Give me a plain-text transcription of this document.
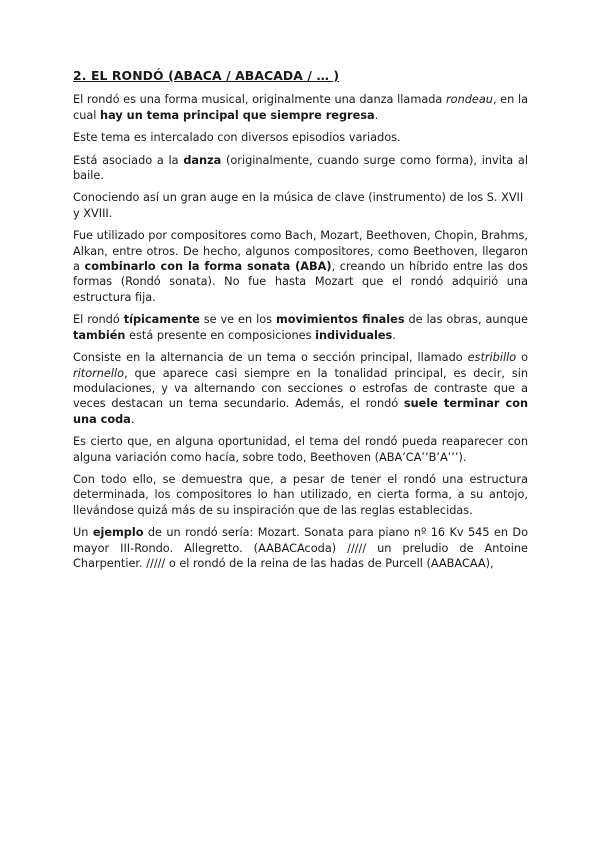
2. EL RONDÓ (ABACA / ABACADA / … )

El rondó es una forma musical, originalmente una danza llamada rondeau, en la cual hay un tema principal que siempre regresa.

Este tema es intercalado con diversos episodios variados.

Está asociado a la danza (originalmente, cuando surge como forma), invita al baile.

Conociendo así un gran auge en la música de clave (instrumento) de los S. XVII y XVIII.

Fue utilizado por compositores como Bach, Mozart, Beethoven, Chopin, Brahms, Alkan, entre otros. De hecho, algunos compositores, como Beethoven, llegaron a combinarlo con la forma sonata (ABA), creando un híbrido entre las dos formas (Rondó sonata). No fue hasta Mozart que el rondó adquirió una estructura fija.

El rondó típicamente se ve en los movimientos finales de las obras, aunque también está presente en composiciones individuales.

Consiste en la alternancia de un tema o sección principal, llamado estribillo o ritornello, que aparece casi siempre en la tonalidad principal, es decir, sin modulaciones, y va alternando con secciones o estrofas de contraste que a veces destacan un tema secundario. Además, el rondó suele terminar con una coda.

Es cierto que, en alguna oportunidad, el tema del rondó pueda reaparecer con alguna variación como hacía, sobre todo, Beethoven (ABA’CA’’B’A’’’).

Con todo ello, se demuestra que, a pesar de tener el rondó una estructura determinada, los compositores lo han utilizado, en cierta forma, a su antojo, llevándose quizá más de su inspiración que de las reglas establecidas.

Un ejemplo de un rondó sería: Mozart. Sonata para piano nº 16 Kv 545 en Do mayor III-Rondo. Allegretto. (AABACAcoda) ///// un preludio de Antoine Charpentier. ///// o el rondó de la reina de las hadas de Purcell (AABACAA),
